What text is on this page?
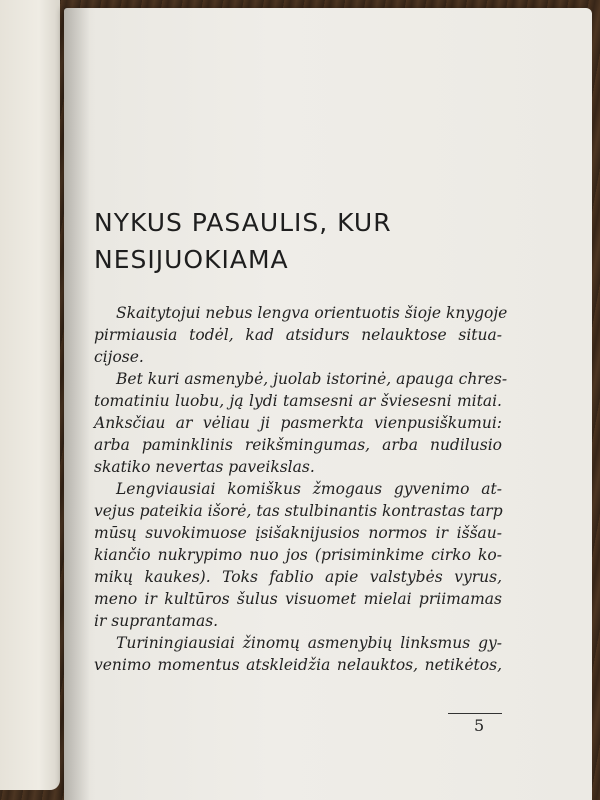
NYKUS PASAULIS, KUR
NESIJUOKIAMA
Skaitytojui nebus lengva orientuotis šioje knygoje
pirmiausia todėl, kad atsidurs nelauktose situa-
cijose.
Bet kuri asmenybė, juolab istorinė, apauga chres-
tomatiniu luobu, ją lydi tamsesni ar šviesesni mitai.
Anksčiau ar vėliau ji pasmerkta vienpusiškumui:
arba paminklinis reikšmingumas, arba nudilusio
skatiko nevertas paveikslas.
Lengviausiai komiškus žmogaus gyvenimo at-
vejus pateikia išorė, tas stulbinantis kontrastas tarp
mūsų suvokimuose įsišaknijusios normos ir iššau-
kiančio nukrypimo nuo jos (prisiminkime cirko ko-
mikų kaukes). Toks fablio apie valstybės vyrus,
meno ir kultūros šulus visuomet mielai priimamas
ir suprantamas.
Turiningiausiai žinomų asmenybių linksmus gy-
venimo momentus atskleidžia nelauktos, netikėtos,
5
